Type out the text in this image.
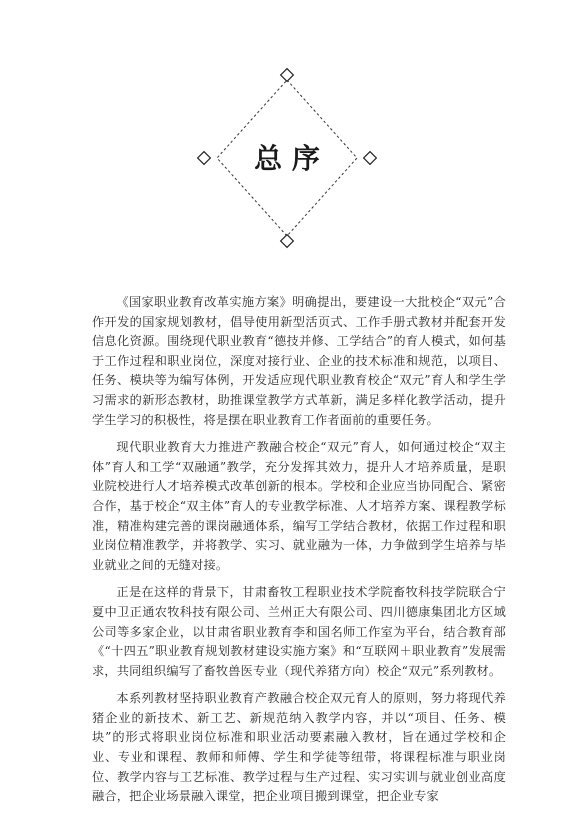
总 序

《国家职业教育改革实施方案》明确提出，要建设一大批校企“双元”合作开发的国家规划教材，倡导使用新型活页式、工作手册式教材并配套开发信息化资源。围绕现代职业教育“德技并修、工学结合”的育人模式，如何基于工作过程和职业岗位，深度对接行业、企业的技术标准和规范，以项目、任务、模块等为编写体例，开发适应现代职业教育校企“双元”育人和学生学习需求的新形态教材，助推课堂教学方式革新，满足多样化教学活动，提升学生学习的积极性，将是摆在职业教育工作者面前的重要任务。

现代职业教育大力推进产教融合校企“双元”育人，如何通过校企“双主体”育人和工学“双融通”教学，充分发挥其效力，提升人才培养质量，是职业院校进行人才培养模式改革创新的根本。学校和企业应当协同配合、紧密合作，基于校企“双主体”育人的专业教学标准、人才培养方案、课程教学标准，精准构建完善的课岗融通体系，编写工学结合教材，依据工作过程和职业岗位精准教学，并将教学、实习、就业融为一体，力争做到学生培养与毕业就业之间的无缝对接。

正是在这样的背景下，甘肃畜牧工程职业技术学院畜牧科技学院联合宁夏中卫正通农牧科技有限公司、兰州正大有限公司、四川德康集团北方区域公司等多家企业，以甘肃省职业教育李和国名师工作室为平台，结合教育部《“十四五”职业教育规划教材建设实施方案》和“互联网＋职业教育”发展需求，共同组织编写了畜牧兽医专业（现代养猪方向）校企“双元”系列教材。

本系列教材坚持职业教育产教融合校企双元育人的原则，努力将现代养猪企业的新技术、新工艺、新规范纳入教学内容，并以“项目、任务、模块”的形式将职业岗位标准和职业活动要素融入教材，旨在通过学校和企业、专业和课程、教师和师傅、学生和学徒等纽带，将课程标准与职业岗位、教学内容与工艺标准、教学过程与生产过程、实习实训与就业创业高度融合，把企业场景融入课堂，把企业项目搬到课堂，把企业专家
